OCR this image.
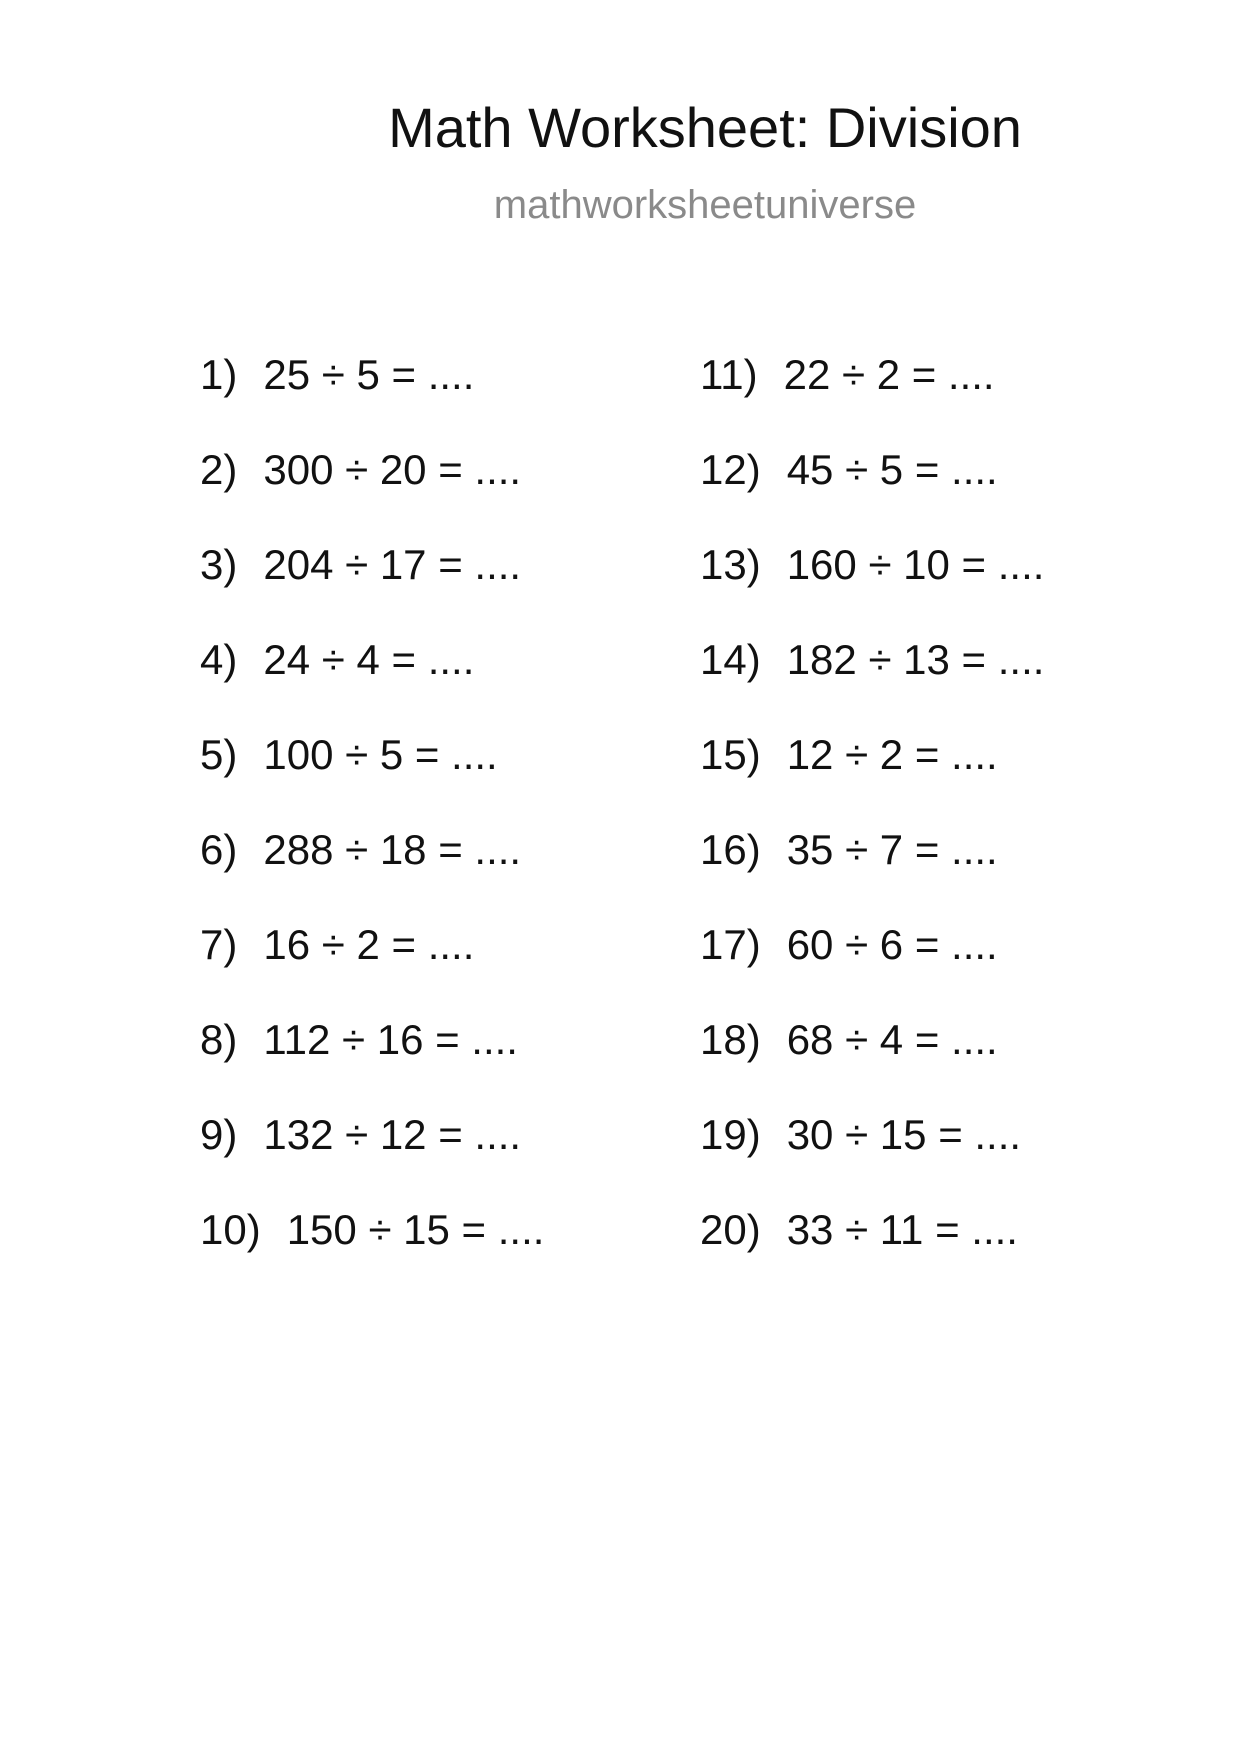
Math Worksheet: Division
mathworksheetuniverse
1) 25 ÷ 5 = ....
2) 300 ÷ 20 = ....
3) 204 ÷ 17 = ....
4) 24 ÷ 4 = ....
5) 100 ÷ 5 = ....
6) 288 ÷ 18 = ....
7) 16 ÷ 2 = ....
8) 112 ÷ 16 = ....
9) 132 ÷ 12 = ....
10) 150 ÷ 15 = ....
11) 22 ÷ 2 = ....
12) 45 ÷ 5 = ....
13) 160 ÷ 10 = ....
14) 182 ÷ 13 = ....
15) 12 ÷ 2 = ....
16) 35 ÷ 7 = ....
17) 60 ÷ 6 = ....
18) 68 ÷ 4 = ....
19) 30 ÷ 15 = ....
20) 33 ÷ 11 = ....
